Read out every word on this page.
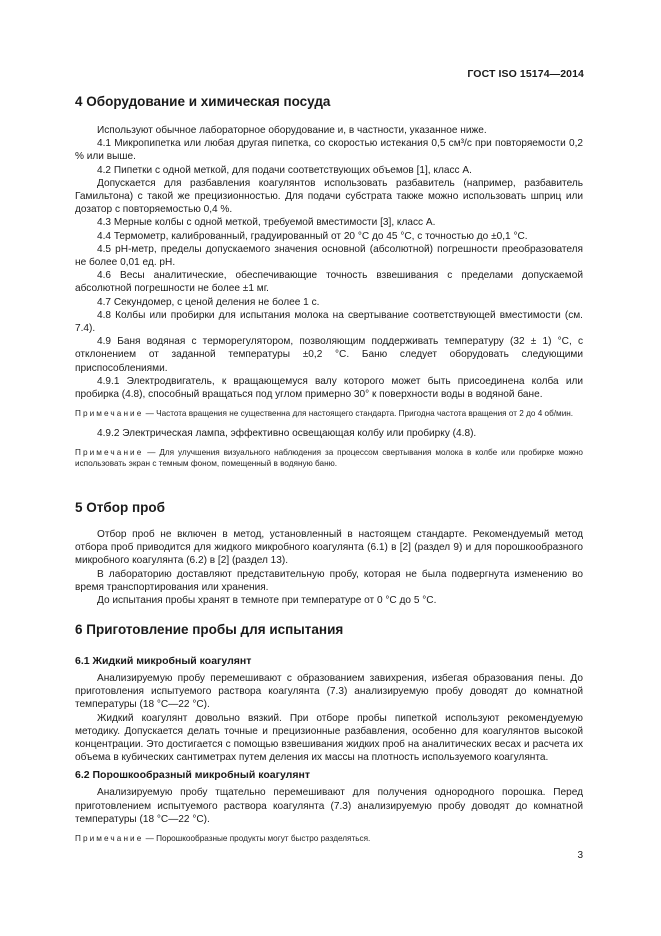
ГОСТ ISO 15174—2014

4 Оборудование и химическая посуда

Используют обычное лабораторное оборудование и, в частности, указанное ниже.

4.1 Микропипетка или любая другая пипетка, со скоростью истекания 0,5 см³/с при повторяемости 0,2 % или выше.

4.2 Пипетки с одной меткой, для подачи соответствующих объемов [1], класс А.

Допускается для разбавления коагулянтов использовать разбавитель (например, разбавитель Гамильтона) с такой же прецизионностью. Для подачи субстрата также можно использовать шприц или дозатор с повторяемостью 0,4 %.

4.3 Мерные колбы с одной меткой, требуемой вместимости [3], класс А.

4.4 Термометр, калиброванный, градуированный от 20 °С до 45 °С, с точностью до ±0,1 °С.

4.5 pH-метр, пределы допускаемого значения основной (абсолютной) погрешности преобразователя не более 0,01 ед. pH.

4.6 Весы аналитические, обеспечивающие точность взвешивания с пределами допускаемой абсолютной погрешности не более ±1 мг.

4.7 Секундомер, с ценой деления не более 1 с.

4.8 Колбы или пробирки для испытания молока на свертывание соответствующей вместимости (см. 7.4).

4.9 Баня водяная с терморегулятором, позволяющим поддерживать температуру (32 ± 1) °С, с отклонением от заданной температуры ±0,2 °С. Баню следует оборудовать следующими приспособлениями.

4.9.1 Электродвигатель, к вращающемуся валу которого может быть присоединена колба или пробирка (4.8), способный вращаться под углом примерно 30° к поверхности воды в водяной бане.

Примечание — Частота вращения не существенна для настоящего стандарта. Пригодна частота вращения от 2 до 4 об/мин.

4.9.2 Электрическая лампа, эффективно освещающая колбу или пробирку (4.8).

Примечание — Для улучшения визуального наблюдения за процессом свертывания молока в колбе или пробирке можно использовать экран с темным фоном, помещенный в водяную баню.

5 Отбор проб

Отбор проб не включен в метод, установленный в настоящем стандарте. Рекомендуемый метод отбора проб приводится для жидкого микробного коагулянта (6.1) в [2] (раздел 9) и для порошкообразного микробного коагулянта (6.2) в [2] (раздел 13).

В лабораторию доставляют представительную пробу, которая не была подвергнута изменению во время транспортирования или хранения.

До испытания пробы хранят в темноте при температуре от 0 °С до 5 °С.

6 Приготовление пробы для испытания

6.1 Жидкий микробный коагулянт

Анализируемую пробу перемешивают с образованием завихрения, избегая образования пены. До приготовления испытуемого раствора коагулянта (7.3) анализируемую пробу доводят до комнатной температуры (18 °С—22 °С).

Жидкий коагулянт довольно вязкий. При отборе пробы пипеткой используют рекомендуемую методику. Допускается делать точные и прецизионные разбавления, особенно для коагулянтов высокой концентрации. Это достигается с помощью взвешивания жидких проб на аналитических весах и расчета их объема в кубических сантиметрах путем деления их массы на плотность используемого коагулянта.

6.2 Порошкообразный микробный коагулянт

Анализируемую пробу тщательно перемешивают для получения однородного порошка. Перед приготовлением испытуемого раствора коагулянта (7.3) анализируемую пробу доводят до комнатной температуры (18 °С—22 °С).

Примечание — Порошкообразные продукты могут быстро разделяться.

3
